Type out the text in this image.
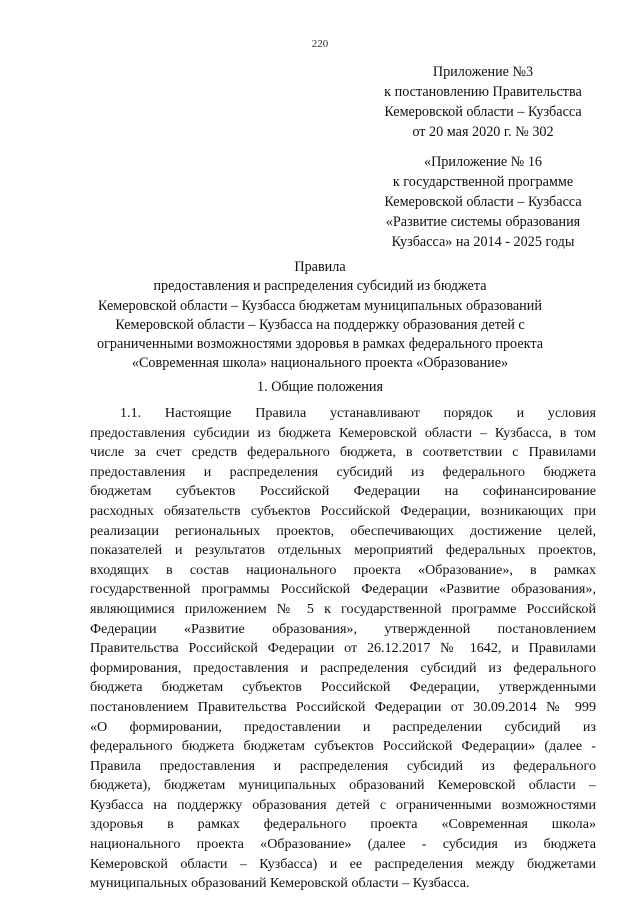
220
Приложение №3
к постановлению Правительства
Кемеровской области – Кузбасса
от 20 мая 2020 г. № 302
«Приложение № 16
к государственной программе
Кемеровской области – Кузбасса
«Развитие системы образования
Кузбасса» на 2014 - 2025 годы
Правила
предоставления и распределения субсидий из бюджета
Кемеровской области – Кузбасса бюджетам муниципальных образований
Кемеровской области – Кузбасса на поддержку образования детей с
ограниченными возможностями здоровья в рамках федерального проекта
«Современная школа» национального проекта «Образование»
1. Общие положения
1.1. Настоящие Правила устанавливают порядок и условия
предоставления субсидии из бюджета Кемеровской области – Кузбасса, в том
числе за счет средств федерального бюджета, в соответствии с Правилами
предоставления и распределения субсидий из федерального бюджета
бюджетам субъектов Российской Федерации на софинансирование
расходных обязательств субъектов Российской Федерации, возникающих при
реализации региональных проектов, обеспечивающих достижение целей,
показателей и результатов отдельных мероприятий федеральных проектов,
входящих в состав национального проекта «Образование», в рамках
государственной программы Российской Федерации «Развитие образования»,
являющимися приложением № 5 к государственной программе Российской
Федерации «Развитие образования», утвержденной постановлением
Правительства Российской Федерации от 26.12.2017 № 1642, и Правилами
формирования, предоставления и распределения субсидий из федерального
бюджета бюджетам субъектов Российской Федерации, утвержденными
постановлением Правительства Российской Федерации от 30.09.2014 № 999
«О формировании, предоставлении и распределении субсидий из
федерального бюджета бюджетам субъектов Российской Федерации» (далее -
Правила предоставления и распределения субсидий из федерального
бюджета), бюджетам муниципальных образований Кемеровской области –
Кузбасса на поддержку образования детей с ограниченными возможностями
здоровья в рамках федерального проекта «Современная школа»
национального проекта «Образование» (далее - субсидия из бюджета
Кемеровской области – Кузбасса) и ее распределения между бюджетами
муниципальных образований Кемеровской области – Кузбасса.
